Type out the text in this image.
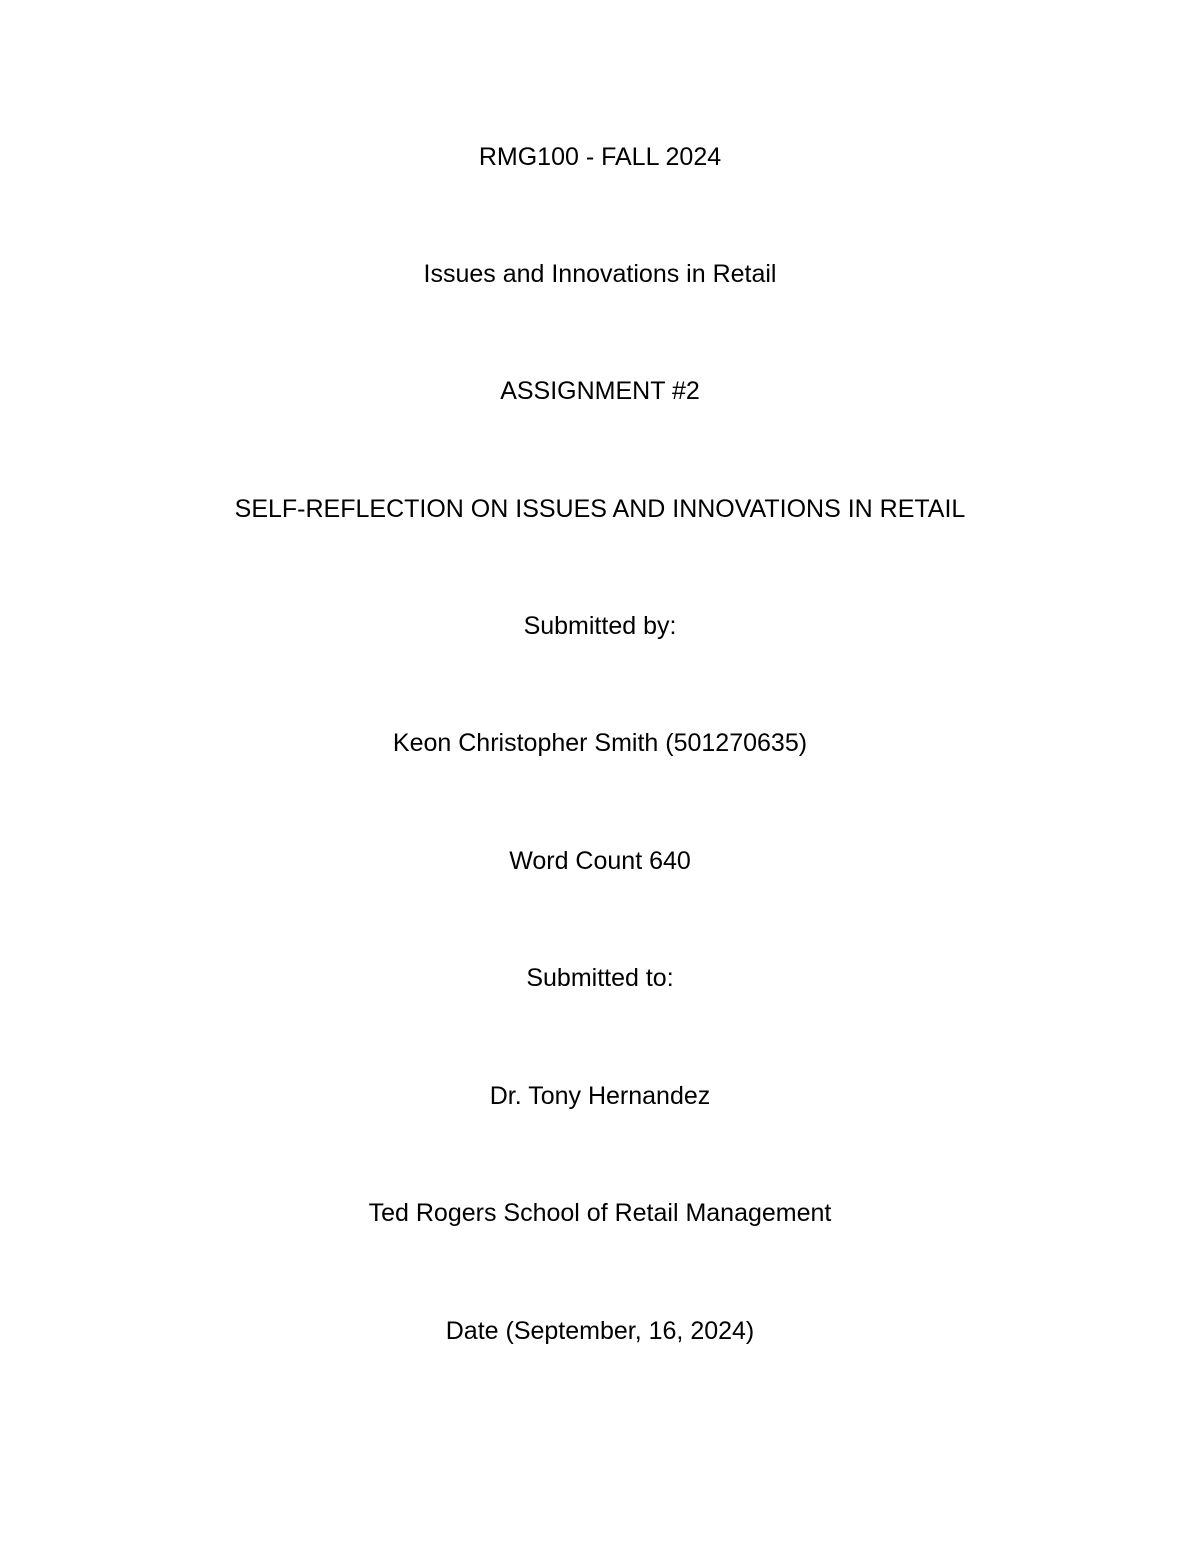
RMG100 - FALL 2024
Issues and Innovations in Retail
ASSIGNMENT #2
SELF-REFLECTION ON ISSUES AND INNOVATIONS IN RETAIL
Submitted by:
Keon Christopher Smith (501270635)
Word Count 640
Submitted to:
Dr. Tony Hernandez
Ted Rogers School of Retail Management
Date (September, 16, 2024)
